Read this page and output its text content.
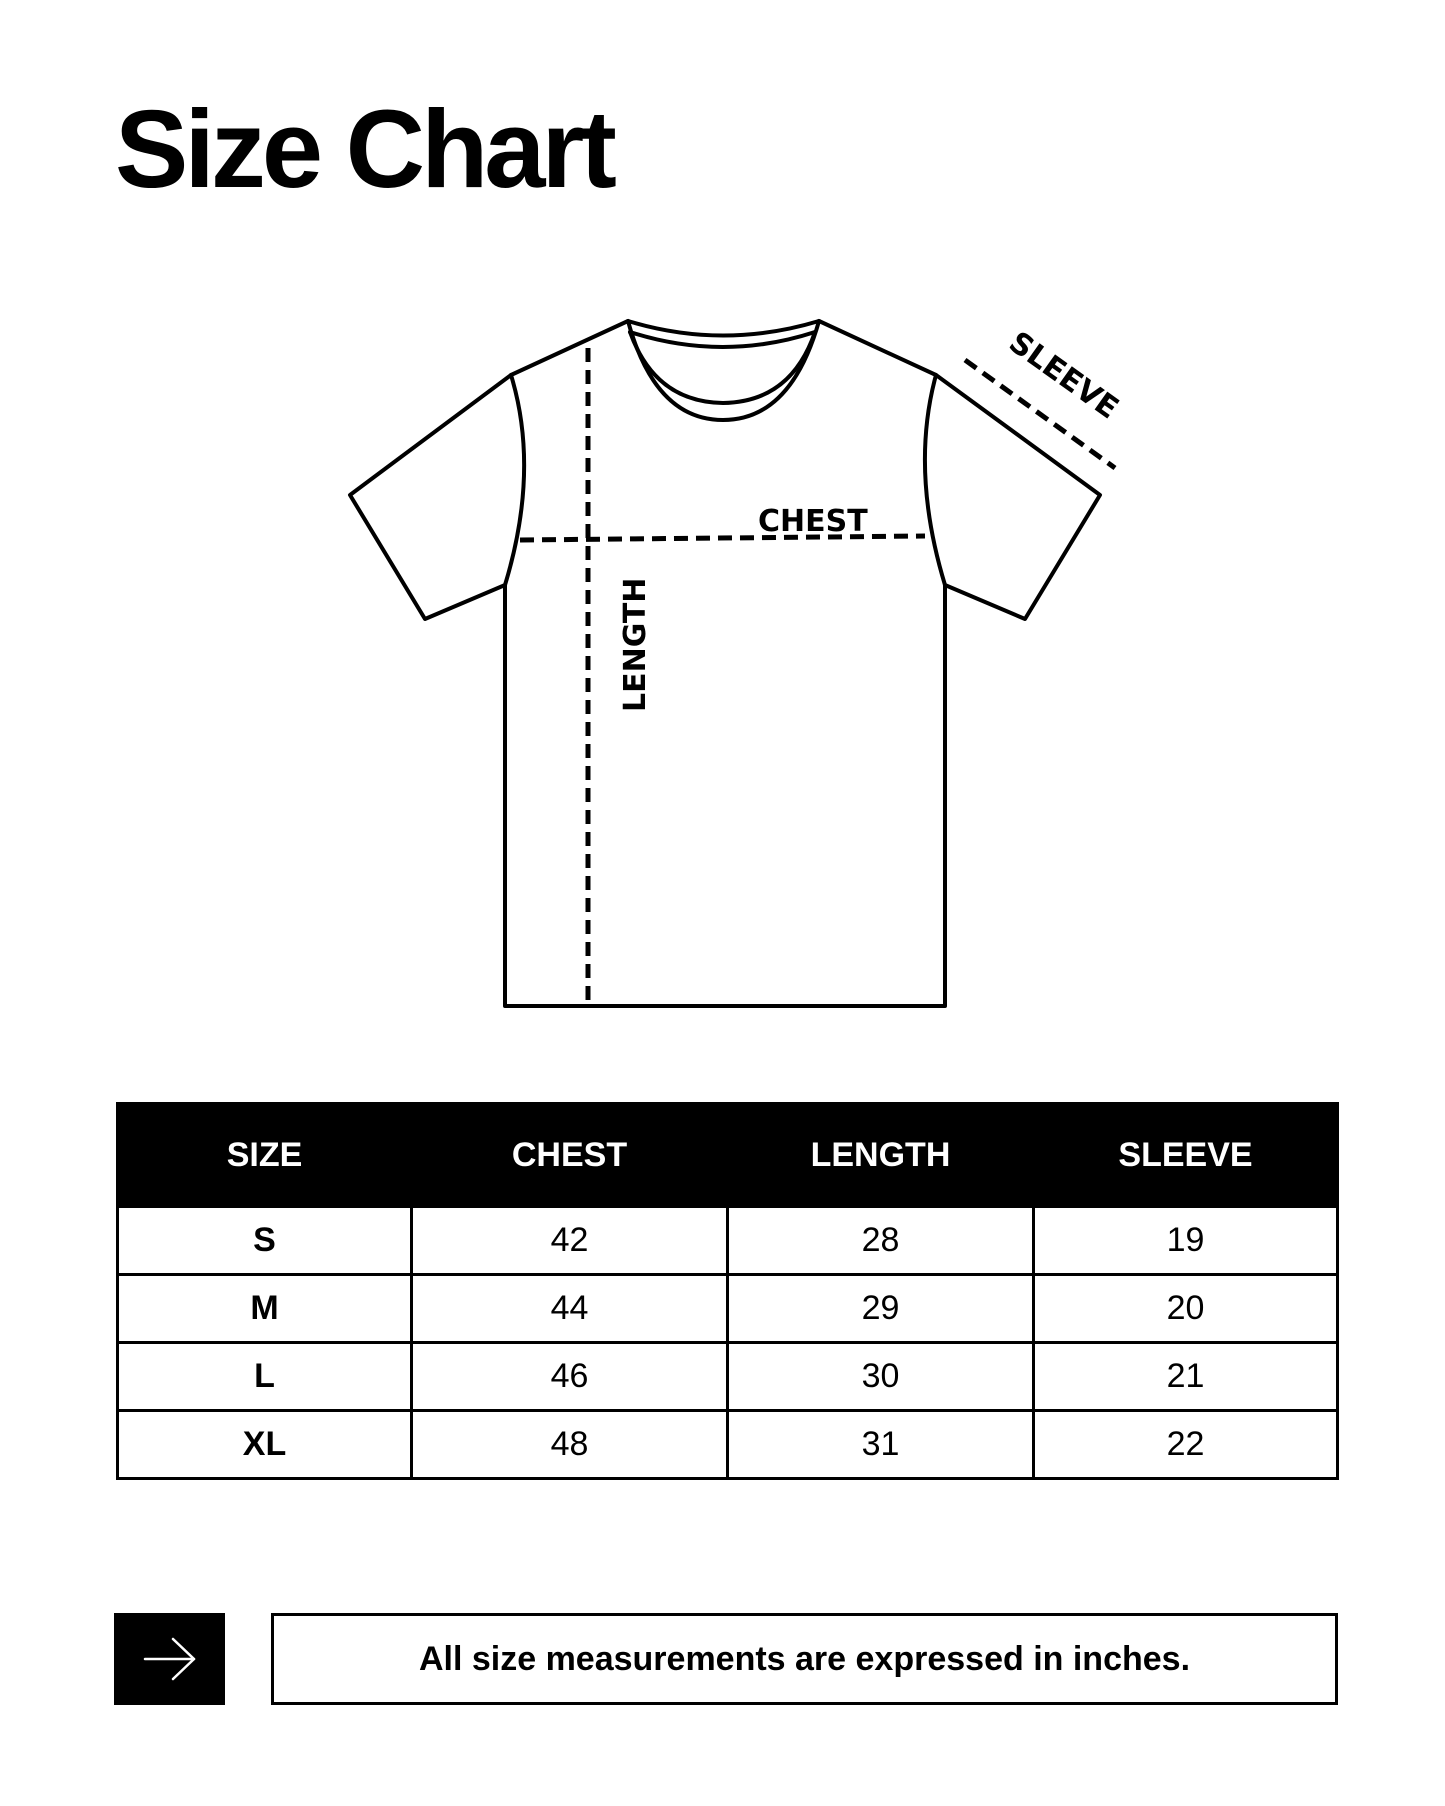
Size Chart
CHEST
LENGTH
SLEEVE
SIZE	CHEST	LENGTH	SLEEVE
S	42	28	19
M	44	29	20
L	46	30	21
XL	48	31	22
All size measurements are expressed in inches.
